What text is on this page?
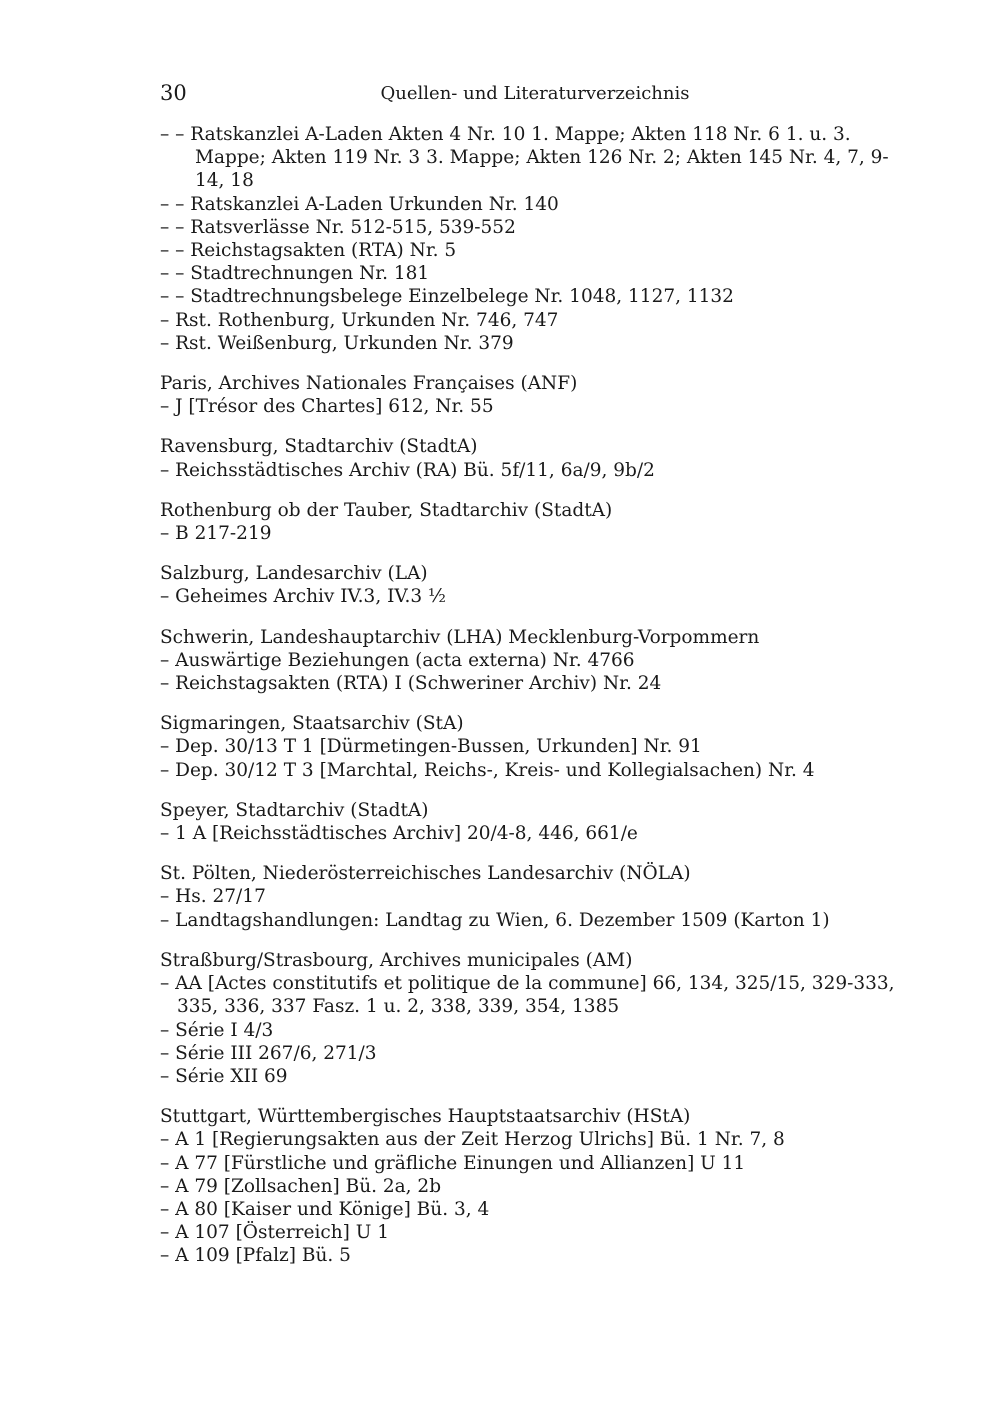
30	Quellen- und Literaturverzeichnis
– – Ratskanzlei A-Laden Akten 4 Nr. 10 1. Mappe; Akten 118 Nr. 6 1. u. 3. Mappe; Akten 119 Nr. 3 3. Mappe; Akten 126 Nr. 2; Akten 145 Nr. 4, 7, 9-14, 18
– – Ratskanzlei A-Laden Urkunden Nr. 140
– – Ratsverlässe Nr. 512-515, 539-552
– – Reichstagsakten (RTA) Nr. 5
– – Stadtrechnungen Nr. 181
– – Stadtrechnungsbelege Einzelbelege Nr. 1048, 1127, 1132
– Rst. Rothenburg, Urkunden Nr. 746, 747
– Rst. Weißenburg, Urkunden Nr. 379
Paris, Archives Nationales Françaises (ANF)
– J [Trésor des Chartes] 612, Nr. 55
Ravensburg, Stadtarchiv (StadtA)
– Reichsstädtisches Archiv (RA) Bü. 5f/11, 6a/9, 9b/2
Rothenburg ob der Tauber, Stadtarchiv (StadtA)
– B 217-219
Salzburg, Landesarchiv (LA)
– Geheimes Archiv IV.3, IV.3 ½
Schwerin, Landeshauptarchiv (LHA) Mecklenburg-Vorpommern
– Auswärtige Beziehungen (acta externa) Nr. 4766
– Reichstagsakten (RTA) I (Schweriner Archiv) Nr. 24
Sigmaringen, Staatsarchiv (StA)
– Dep. 30/13 T 1 [Dürmetingen-Bussen, Urkunden] Nr. 91
– Dep. 30/12 T 3 [Marchtal, Reichs-, Kreis- und Kollegialsachen) Nr. 4
Speyer, Stadtarchiv (StadtA)
– 1 A [Reichsstädtisches Archiv] 20/4-8, 446, 661/e
St. Pölten, Niederösterreichisches Landesarchiv (NÖLA)
– Hs. 27/17
– Landtagshandlungen: Landtag zu Wien, 6. Dezember 1509 (Karton 1)
Straßburg/Strasbourg, Archives municipales (AM)
– AA [Actes constitutifs et politique de la commune] 66, 134, 325/15, 329-333, 335, 336, 337 Fasz. 1 u. 2, 338, 339, 354, 1385
– Série I 4/3
– Série III 267/6, 271/3
– Série XII 69
Stuttgart, Württembergisches Hauptstaatsarchiv (HStA)
– A 1 [Regierungsakten aus der Zeit Herzog Ulrichs] Bü. 1 Nr. 7, 8
– A 77 [Fürstliche und gräfliche Einungen und Allianzen] U 11
– A 79 [Zollsachen] Bü. 2a, 2b
– A 80 [Kaiser und Könige] Bü. 3, 4
– A 107 [Österreich] U 1
– A 109 [Pfalz] Bü. 5
